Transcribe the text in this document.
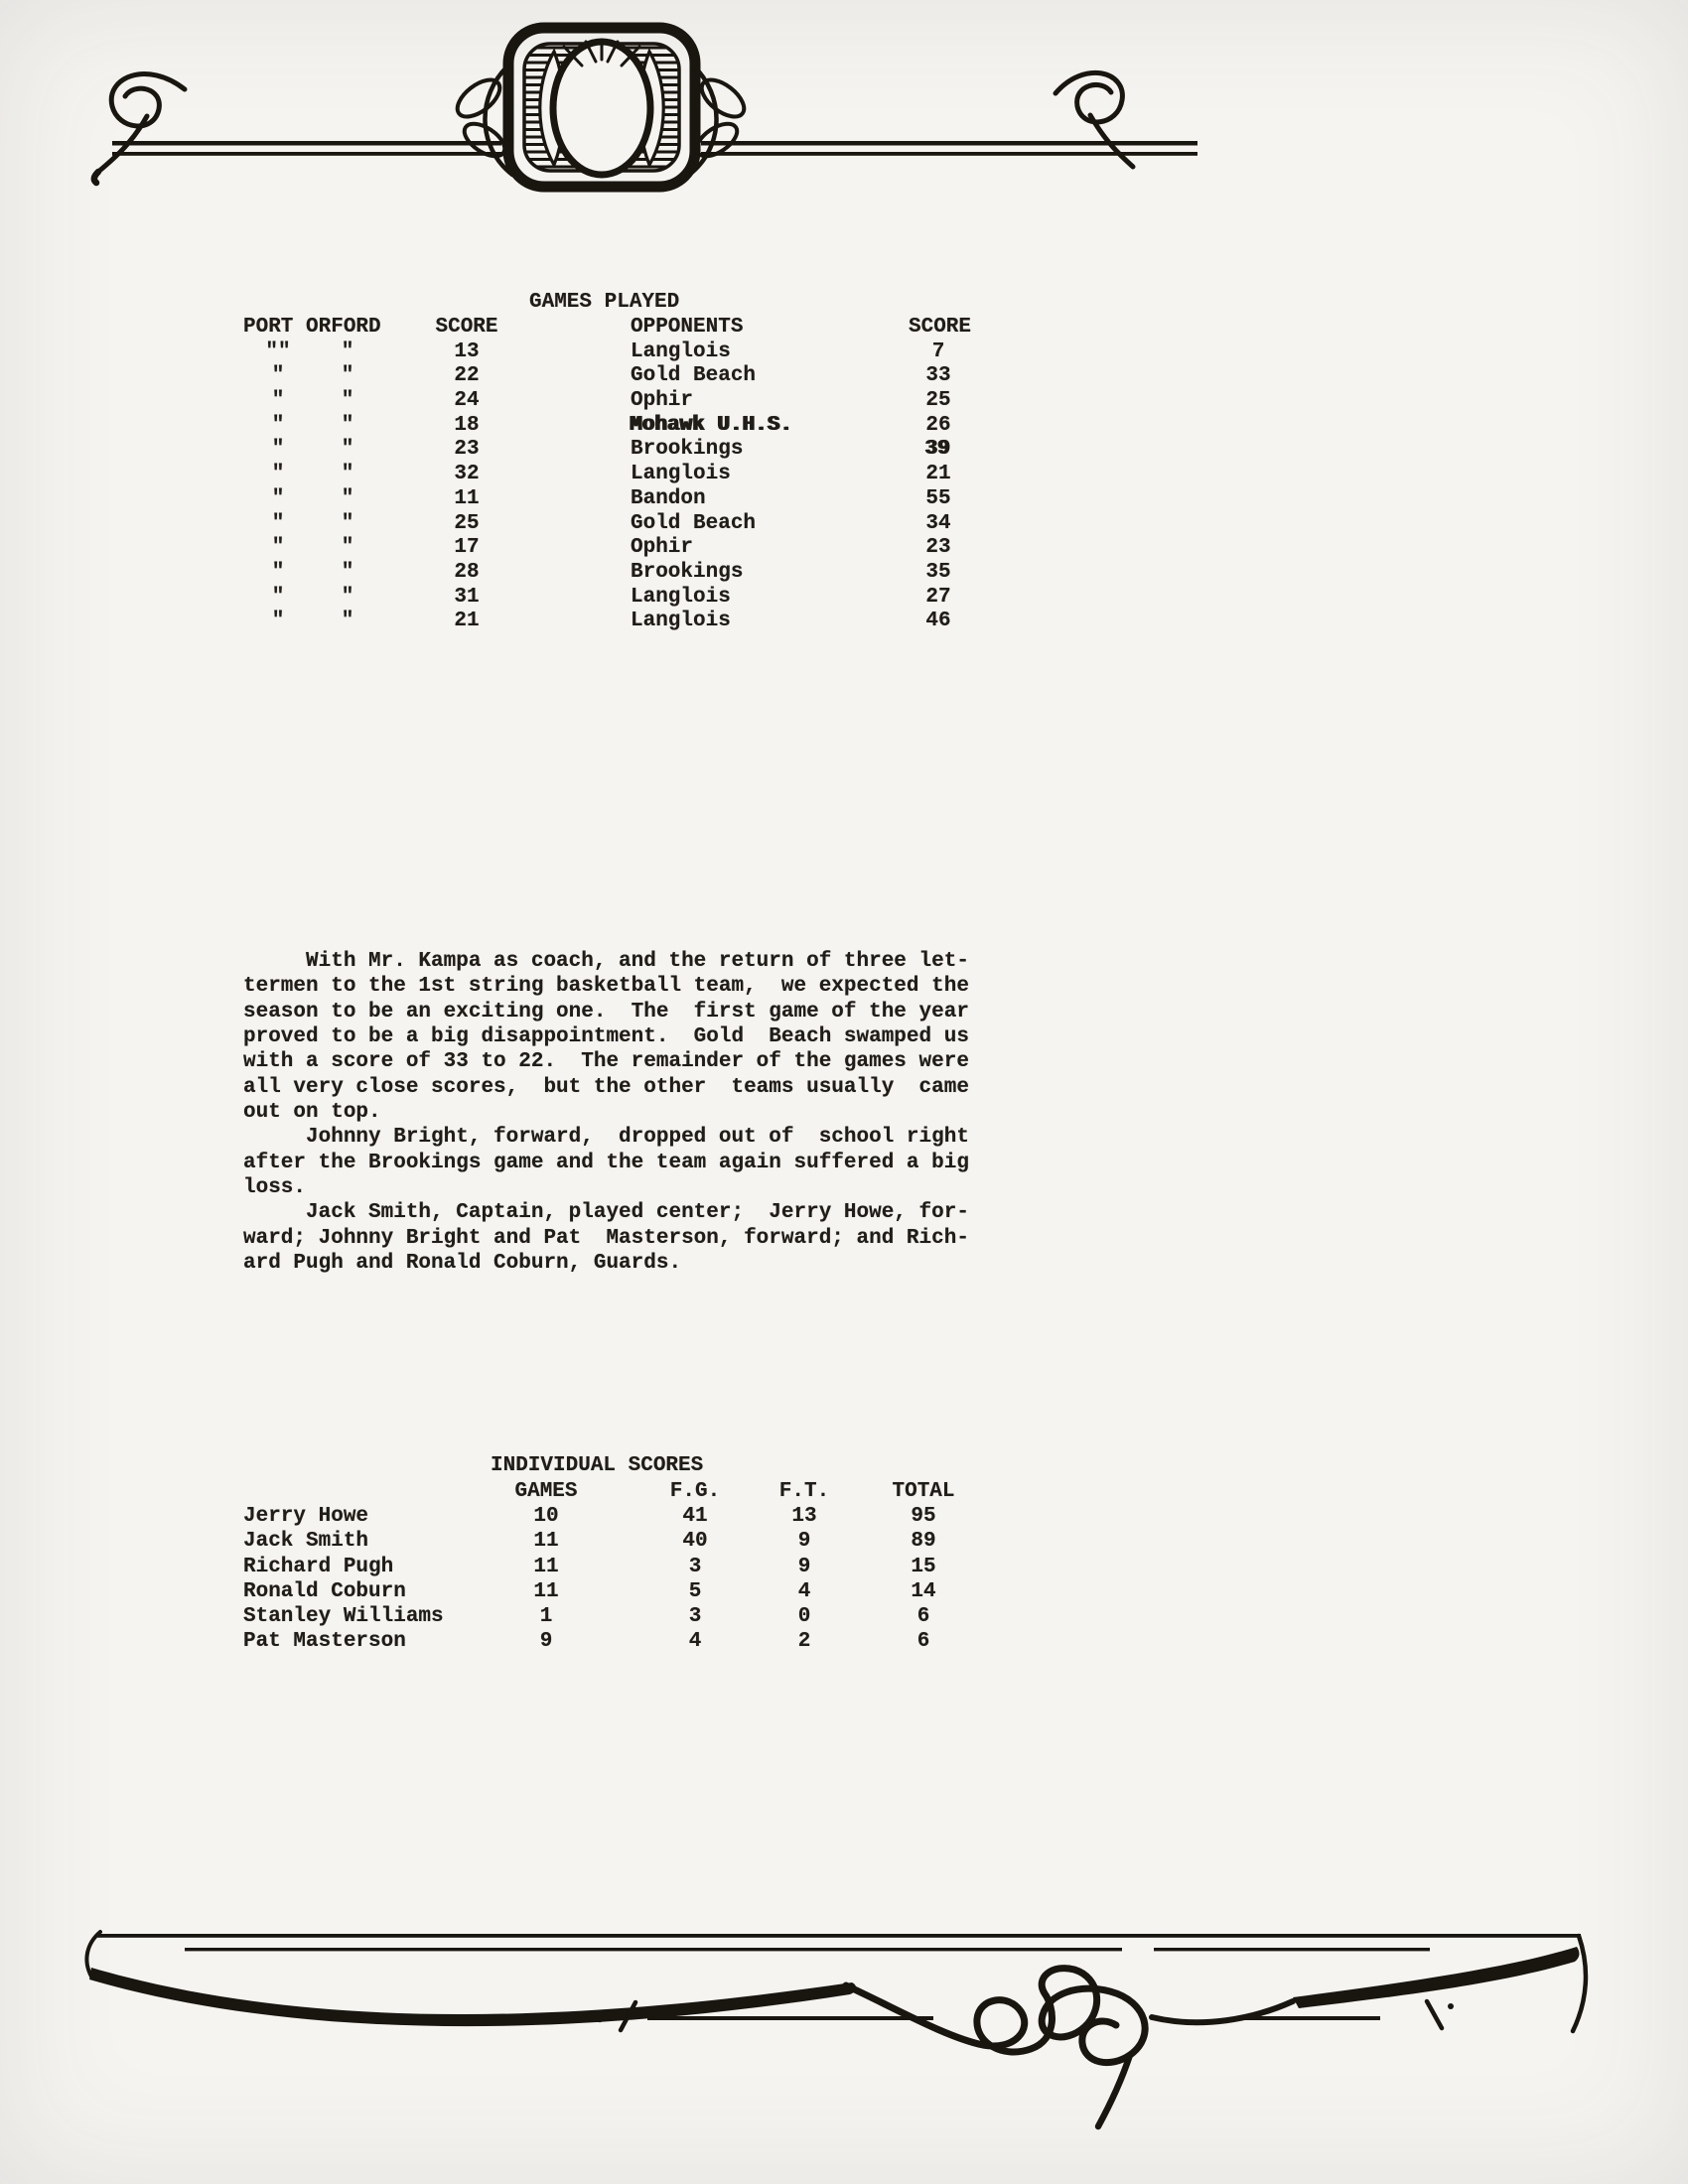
GAMES PLAYED
PORT ORFORD	SCORE	OPPONENTS	SCORE
""	"	13	Langlois	7
"	"	22	Gold Beach	33
"	"	24	Ophir	25
"	"	18	Mohawk U.H.S.	26
"	"	23	Brookings	39
"	"	32	Langlois	21
"	"	11	Bandon	55
"	"	25	Gold Beach	34
"	"	17	Ophir	23
"	"	28	Brookings	35
"	"	31	Langlois	27
"	"	21	Langlois	46
With Mr. Kampa as coach, and the return of three let-
termen to the 1st string basketball team,  we expected the
season to be an exciting one.  The  first game of the year
proved to be a big disappointment.  Gold  Beach swamped us
with a score of 33 to 22.  The remainder of the games were
all very close scores,  but the other  teams usually  came
out on top.
Johnny Bright, forward,  dropped out of  school right
after the Brookings game and the team again suffered a big
loss.
Jack Smith, Captain, played center;  Jerry Howe, for-
ward; Johnny Bright and Pat  Masterson, forward; and Rich-
ard Pugh and Ronald Coburn, Guards.
INDIVIDUAL SCORES
GAMES	F.G.	F.T.	TOTAL
Jerry Howe	10	41	13	95
Jack Smith	11	40	9	89
Richard Pugh	11	3	9	15
Ronald Coburn	11	5	4	14
Stanley Williams	1	3	0	6
Pat Masterson	9	4	2	6
